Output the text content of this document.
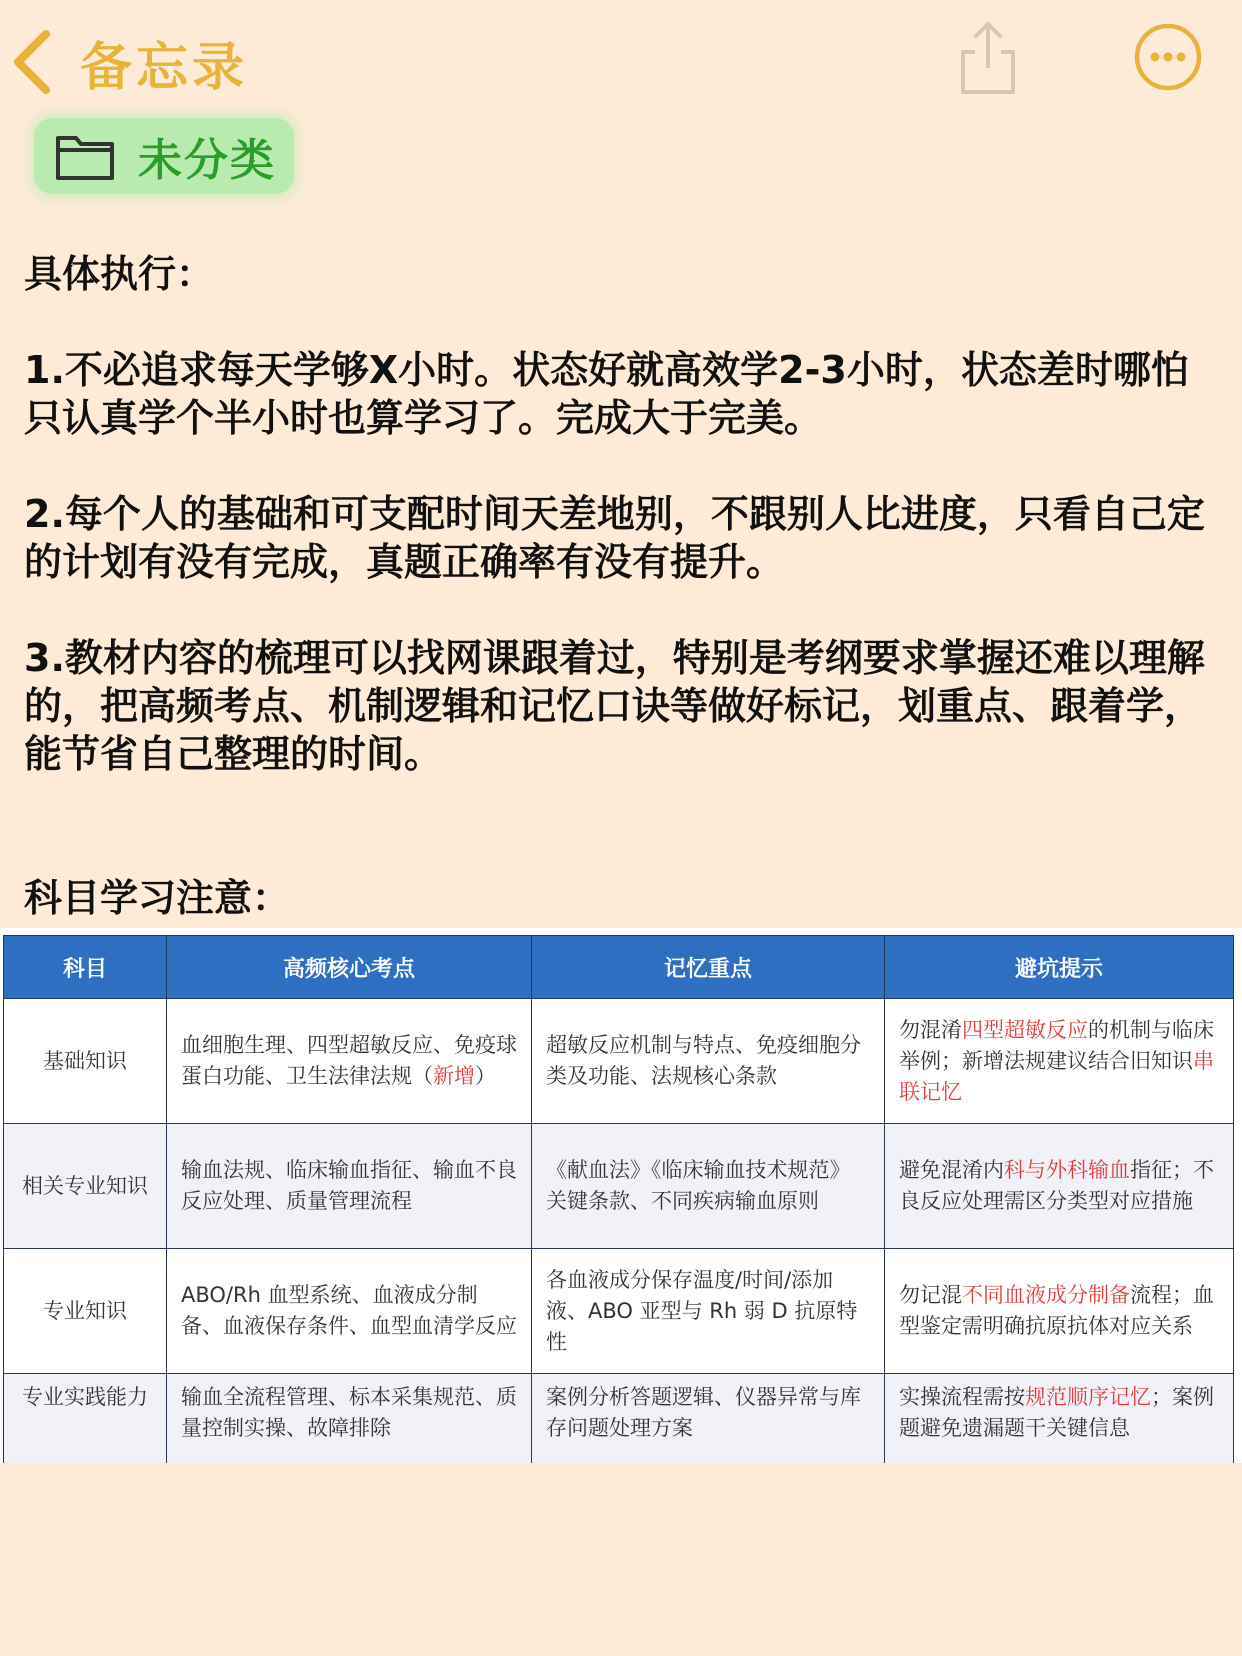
备忘录
未分类

具体执行：

1.不必追求每天学够X小时。状态好就高效学2-3小时，状态差时哪怕只认真学个半小时也算学习了。完成大于完美。

2.每个人的基础和可支配时间天差地别，不跟别人比进度，只看自己定的计划有没有完成，真题正确率有没有提升。

3.教材内容的梳理可以找网课跟着过，特别是考纲要求掌握还难以理解的，把高频考点、机制逻辑和记忆口诀等做好标记，划重点、跟着学，能节省自己整理的时间。

科目学习注意：

科目	高频核心考点	记忆重点	避坑提示
基础知识	血细胞生理、四型超敏反应、免疫球蛋白功能、卫生法律法规（新增）	超敏反应机制与特点、免疫细胞分类及功能、法规核心条款	勿混淆四型超敏反应的机制与临床举例；新增法规建议结合旧知识串联记忆
相关专业知识	输血法规、临床输血指征、输血不良反应处理、质量管理流程	《献血法》《临床输血技术规范》关键条款、不同疾病输血原则	避免混淆内科与外科输血指征；不良反应处理需区分类型对应措施
专业知识	ABO/Rh 血型系统、血液成分制备、血液保存条件、血型血清学反应	各血液成分保存温度/时间/添加液、ABO 亚型与 Rh 弱 D 抗原特性	勿记混不同血液成分制备流程；血型鉴定需明确抗原抗体对应关系
专业实践能力	输血全流程管理、标本采集规范、质量控制实操、故障排除	案例分析答题逻辑、仪器异常与库存问题处理方案	实操流程需按规范顺序记忆；案例题避免遗漏题干关键信息
